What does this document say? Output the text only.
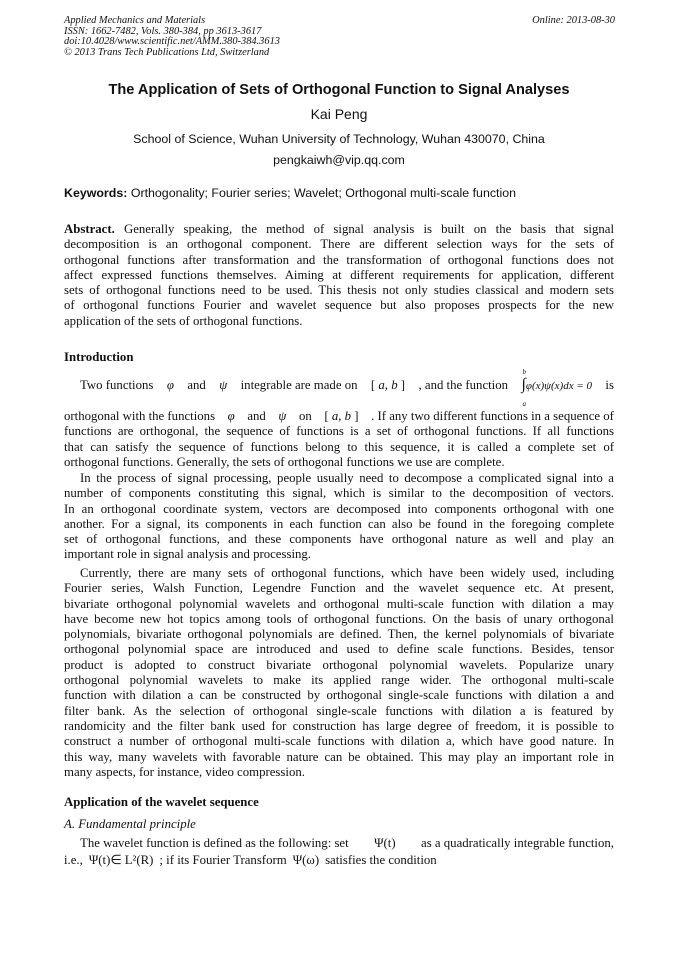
Applied Mechanics and Materials
ISSN: 1662-7482, Vols. 380-384, pp 3613-3617
doi:10.4028/www.scientific.net/AMM.380-384.3613
© 2013 Trans Tech Publications Ltd, Switzerland
Online: 2013-08-30
The Application of Sets of Orthogonal Function to Signal Analyses
Kai Peng
School of Science, Wuhan University of Technology, Wuhan 430070, China
pengkaiwh@vip.qq.com
Keywords: Orthogonality; Fourier series; Wavelet; Orthogonal multi-scale function
Abstract. Generally speaking, the method of signal analysis is built on the basis that signal
decomposition is an orthogonal component. There are different selection ways for the sets of
orthogonal functions after transformation and the transformation of orthogonal functions does not
affect expressed functions themselves. Aiming at different requirements for application, different
sets of orthogonal functions need to be used. This thesis not only studies classical and modern sets
of orthogonal functions Fourier and wavelet sequence but also proposes prospects for the new
application of the sets of orthogonal functions.
Introduction
Two functions φ and ψ integrable are made on [ a, b ] , and the function
b
∫φ(x)ψ(x)dx = 0
a
is
orthogonal with the functions φ and ψ on [ a, b ] . If any two different functions in a sequence of
functions are orthogonal, the sequence of functions is a set of orthogonal functions. If all functions
that can satisfy the sequence of functions belong to this sequence, it is called a complete set of
orthogonal functions. Generally, the sets of orthogonal functions we use are complete.
In the process of signal processing, people usually need to decompose a complicated signal into a
number of components constituting this signal, which is similar to the decomposition of vectors.
In an orthogonal coordinate system, vectors are decomposed into components orthogonal with one
another. For a signal, its components in each function can also be found in the foregoing complete
set of orthogonal functions, and these components have orthogonal nature as well and play an
important role in signal analysis and processing.
Currently, there are many sets of orthogonal functions, which have been widely used, including
Fourier series, Walsh Function, Legendre Function and the wavelet sequence etc. At present,
bivariate orthogonal polynomial wavelets and orthogonal multi-scale function with dilation a may
have become new hot topics among tools of orthogonal functions. On the basis of unary orthogonal
polynomials, bivariate orthogonal polynomials are defined. Then, the kernel polynomials of bivariate
orthogonal polynomial space are introduced and used to define scale functions. Besides, tensor
product is adopted to construct bivariate orthogonal polynomial wavelets. Popularize unary
orthogonal polynomial wavelets to make its applied range wider. The orthogonal multi-scale
function with dilation a can be constructed by orthogonal single-scale functions with dilation a and
filter bank. As the selection of orthogonal single-scale functions with dilation a is featured by
randomicity and the filter bank used for construction has large degree of freedom, it is possible to
construct a number of orthogonal multi-scale functions with dilation a, which have good nature. In
this way, many wavelets with favorable nature can be obtained. This may play an important role in
many aspects, for instance, video compression.
Application of the wavelet sequence
A. Fundamental principle
The wavelet function is defined as the following: set Ψ(t) as a quadratically integrable function,
i.e., Ψ(t)∈ L²(R) ; if its Fourier Transform Ψ(ω) satisfies the condition
